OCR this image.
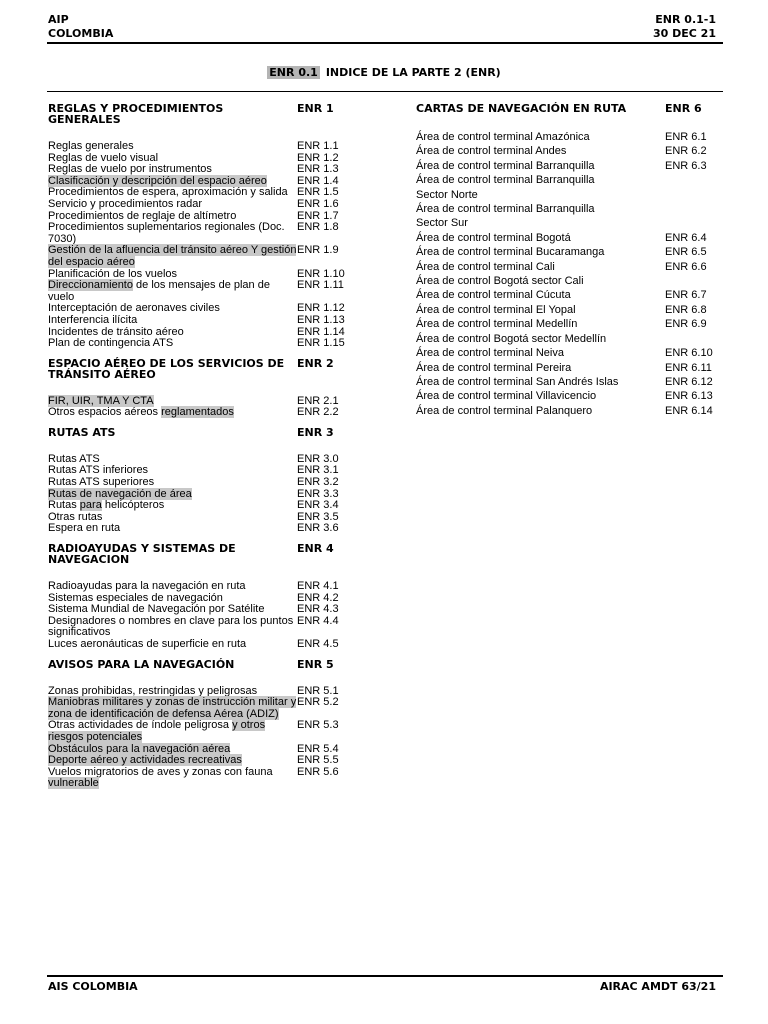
AIP
COLOMBIA
ENR 0.1-1
30 DEC 21
ENR 0.1 INDICE DE LA PARTE 2 (ENR)
REGLAS Y PROCEDIMIENTOS GENERALES
ENR 1
Reglas generales	ENR 1.1
Reglas de vuelo visual	ENR 1.2
Reglas de vuelo por instrumentos	ENR 1.3
Clasificación y descripción del espacio aéreo	ENR 1.4
Procedimientos de espera, aproximación y salida ENR 1.5
Servicio y procedimientos radar	ENR 1.6
Procedimientos de reglaje de altímetro	ENR 1.7
Procedimientos suplementarios regionales (Doc. 7030)
ENR 1.8
Gestión de la afluencia del tránsito aéreo Y gestión del espacio aéreo
ENR 1.9
Planificación de los vuelos	ENR 1.10
Direccionamiento de los mensajes de plan de vuelo
ENR 1.11
Interceptación de aeronaves civiles	ENR 1.12
Interferencia ilícita	ENR 1.13
Incidentes de tránsito aéreo	ENR 1.14
Plan de contingencia ATS	ENR 1.15
ESPACIO AÉREO DE LOS SERVICIOS DE TRÁNSITO AÉREO
ENR 2
FIR, UIR, TMA Y CTA	ENR 2.1
Otros espacios aéreos reglamentados	ENR 2.2
RUTAS ATS	ENR 3
Rutas ATS	ENR 3.0
Rutas ATS inferiores	ENR 3.1
Rutas ATS superiores	ENR 3.2
Rutas de navegación de área	ENR 3.3
Rutas para helicópteros	ENR 3.4
Otras rutas	ENR 3.5
Espera en ruta	ENR 3.6
RADIOAYUDAS Y SISTEMAS DE NAVEGACION
ENR 4
Radioayudas para la navegación en ruta	ENR 4.1
Sistemas especiales de navegación	ENR 4.2
Sistema Mundial de Navegación por Satélite	ENR 4.3
Designadores o nombres en clave para los puntos significativos
ENR 4.4
Luces aeronáuticas de superficie en ruta	ENR 4.5
AVISOS PARA LA NAVEGACIÓN	ENR 5
Zonas prohibidas, restringidas y peligrosas	ENR 5.1
Maniobras militares y zonas de instrucción militar y zona de identificación de defensa Aérea (ADIZ)
ENR 5.2
Otras actividades de índole peligrosa y otros riesgos potenciales
ENR 5.3
Obstáculos para la navegación aérea	ENR 5.4
Deporte aéreo y actividades recreativas	ENR 5.5
Vuelos migratorios de aves y zonas con fauna vulnerable
ENR 5.6
CARTAS DE NAVEGACIÓN EN RUTA	ENR 6
Área de control terminal Amazónica	ENR 6.1
Área de control terminal Andes	ENR 6.2
Área de control terminal Barranquilla	ENR 6.3
Área de control terminal Barranquilla
Sector Norte
Área de control terminal Barranquilla
Sector Sur
Área de control terminal Bogotá	ENR 6.4
Área de control terminal Bucaramanga	ENR 6.5
Área de control terminal Cali	ENR 6.6
Área de control Bogotá sector Cali
Área de control terminal Cúcuta	ENR 6.7
Área de control terminal El Yopal	ENR 6.8
Área de control terminal Medellín	ENR 6.9
Área de control Bogotá sector Medellín
Área de control terminal Neiva	ENR 6.10
Área de control terminal Pereira	ENR 6.11
Área de control terminal San Andrés Islas	ENR 6.12
Área de control terminal Villavicencio	ENR 6.13
Área de control terminal Palanquero	ENR 6.14
AIS COLOMBIA	AIRAC AMDT 63/21
